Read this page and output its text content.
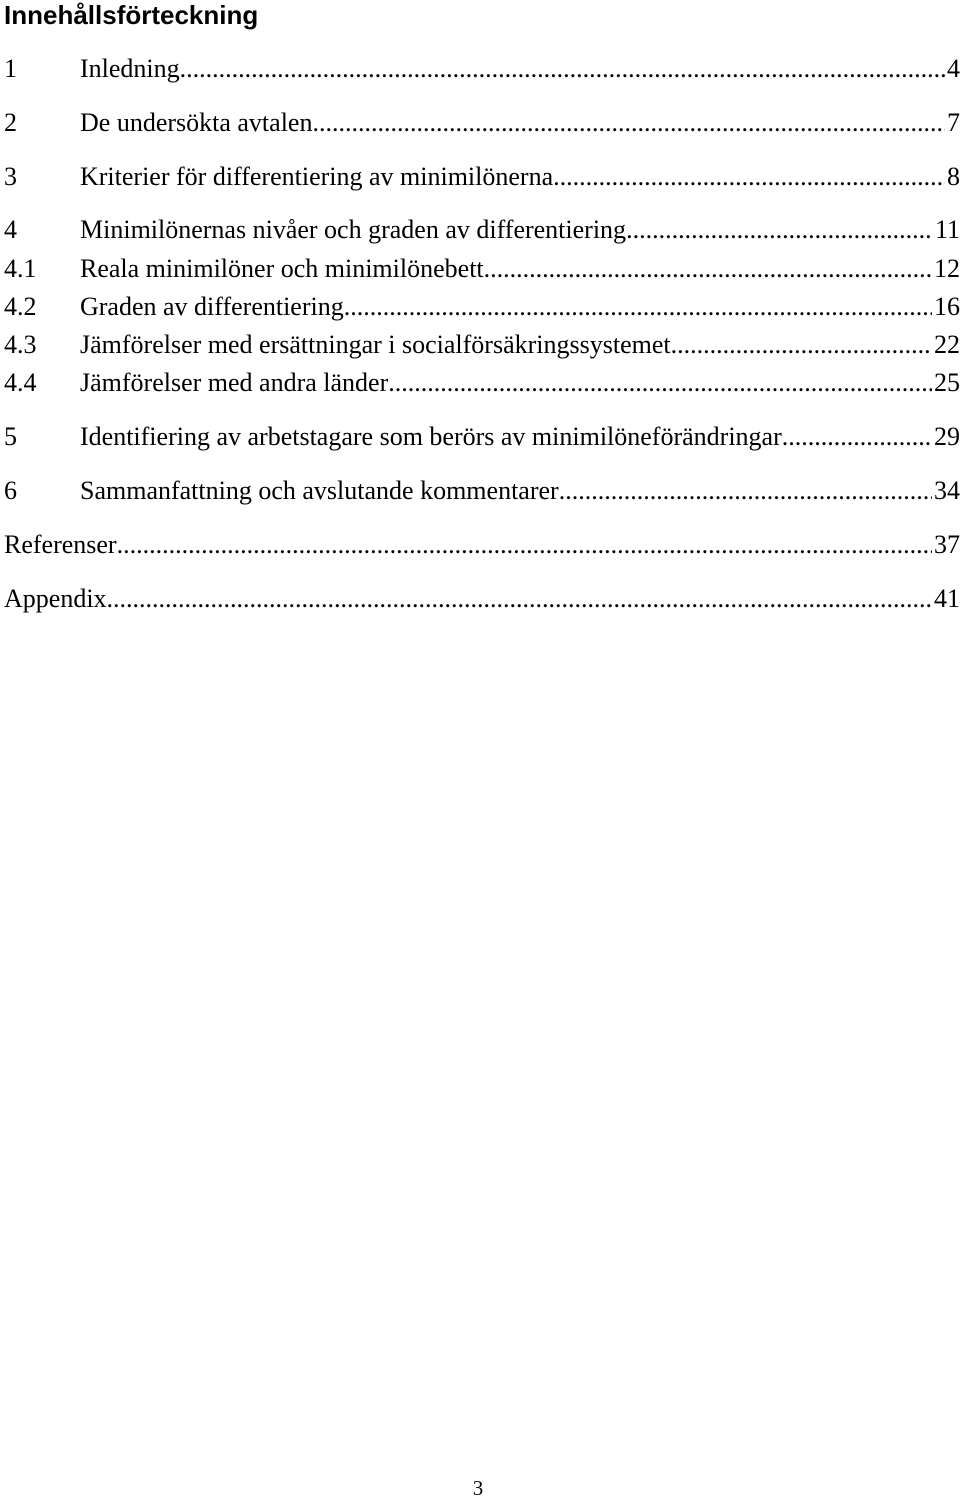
Innehållsförteckning
1	Inledning .....	4
2	De undersökta avtalen .....	7
3	Kriterier för differentiering av minimilönerna .....	8
4	Minimilönernas nivåer och graden av differentiering .....	11
4.1	Reala minimilöner och minimilönebett .....	12
4.2	Graden av differentiering .....	16
4.3	Jämförelser med ersättningar i socialförsäkringssystemet .....	22
4.4	Jämförelser med andra länder .....	25
5	Identifiering av arbetstagare som berörs av minimilöneförändringar .....	29
6	Sammanfattning och avslutande kommentarer .....	34
Referenser .....	37
Appendix .....	41
3
